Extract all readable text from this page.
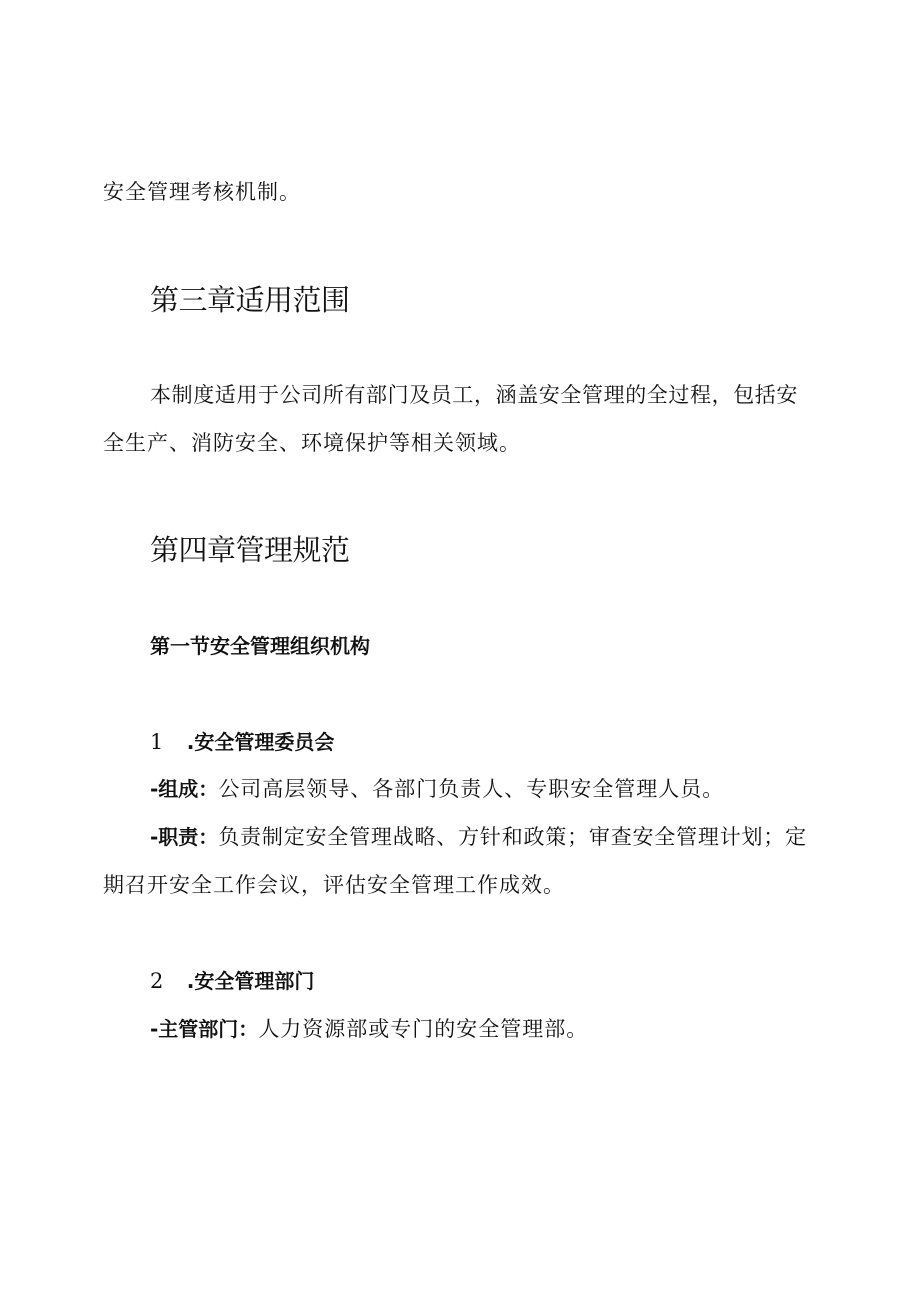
安全管理考核机制。
第三章适用范围
本制度适用于公司所有部门及员工，涵盖安全管理的全过程，包括安
全生产、消防安全、环境保护等相关领域。
第四章管理规范
第一节安全管理组织机构
1 .安全管理委员会
-组成：公司高层领导、各部门负责人、专职安全管理人员。
-职责：负责制定安全管理战略、方针和政策；审查安全管理计划；定
期召开安全工作会议，评估安全管理工作成效。
2 .安全管理部门
-主管部门：人力资源部或专门的安全管理部。
